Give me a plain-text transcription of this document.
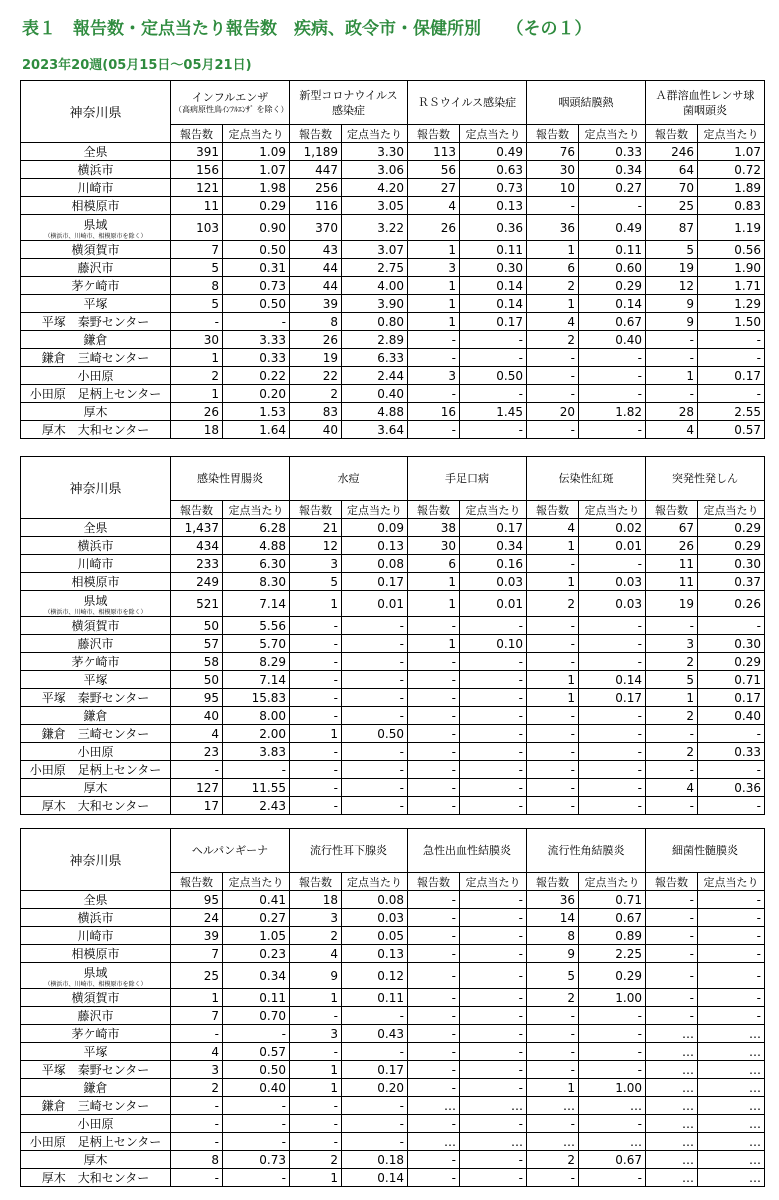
表１　報告数・定点当たり報告数　疾病、政令市・保健所別　　（その１）
2023年20週(05月15日～05月21日)
神奈川県	インフルエンザ
（高病原性鳥ｲﾝﾌﾙｴﾝｻﾞ を除く）		新型コロナウイルス感染症		ＲＳウイルス感染症		咽頭結膜熱		Ａ群溶血性レンサ球菌咽頭炎	
	報告数	定点当たり	報告数	定点当たり	報告数	定点当たり	報告数	定点当たり	報告数	定点当たり
全県	391	1.09	1,189	3.30	113	0.49	76	0.33	246	1.07
横浜市	156	1.07	447	3.06	56	0.63	30	0.34	64	0.72
川崎市	121	1.98	256	4.20	27	0.73	10	0.27	70	1.89
相模原市	11	0.29	116	3.05	4	0.13	-	-	25	0.83
県域
（横浜市、川崎市、相模原市を除く）	103	0.90	370	3.22	26	0.36	36	0.49	87	1.19
横須賀市	7	0.50	43	3.07	1	0.11	1	0.11	5	0.56
藤沢市	5	0.31	44	2.75	3	0.30	6	0.60	19	1.90
茅ケ崎市	8	0.73	44	4.00	1	0.14	2	0.29	12	1.71
平塚	5	0.50	39	3.90	1	0.14	1	0.14	9	1.29
平塚　秦野センター	-	-	8	0.80	1	0.17	4	0.67	9	1.50
鎌倉	30	3.33	26	2.89	-	-	2	0.40	-	-
鎌倉　三崎センター	1	0.33	19	6.33	-	-	-	-	-	-
小田原	2	0.22	22	2.44	3	0.50	-	-	1	0.17
小田原　足柄上センター	1	0.20	2	0.40	-	-	-	-	-	-
厚木	26	1.53	83	4.88	16	1.45	20	1.82	28	2.55
厚木　大和センター	18	1.64	40	3.64	-	-	-	-	4	0.57
神奈川県	感染性胃腸炎		水痘		手足口病		伝染性紅斑		突発性発しん	
	報告数	定点当たり	報告数	定点当たり	報告数	定点当たり	報告数	定点当たり	報告数	定点当たり
全県	1,437	6.28	21	0.09	38	0.17	4	0.02	67	0.29
横浜市	434	4.88	12	0.13	30	0.34	1	0.01	26	0.29
川崎市	233	6.30	3	0.08	6	0.16	-	-	11	0.30
相模原市	249	8.30	5	0.17	1	0.03	1	0.03	11	0.37
県域
（横浜市、川崎市、相模原市を除く）	521	7.14	1	0.01	1	0.01	2	0.03	19	0.26
横須賀市	50	5.56	-	-	-	-	-	-	-	-
藤沢市	57	5.70	-	-	1	0.10	-	-	3	0.30
茅ケ崎市	58	8.29	-	-	-	-	-	-	2	0.29
平塚	50	7.14	-	-	-	-	1	0.14	5	0.71
平塚　秦野センター	95	15.83	-	-	-	-	1	0.17	1	0.17
鎌倉	40	8.00	-	-	-	-	-	-	2	0.40
鎌倉　三崎センター	4	2.00	1	0.50	-	-	-	-	-	-
小田原	23	3.83	-	-	-	-	-	-	2	0.33
小田原　足柄上センター	-	-	-	-	-	-	-	-	-	-
厚木	127	11.55	-	-	-	-	-	-	4	0.36
厚木　大和センター	17	2.43	-	-	-	-	-	-	-	-
神奈川県	ヘルパンギーナ		流行性耳下腺炎		急性出血性結膜炎		流行性角結膜炎		細菌性髄膜炎	
	報告数	定点当たり	報告数	定点当たり	報告数	定点当たり	報告数	定点当たり	報告数	定点当たり
全県	95	0.41	18	0.08	-	-	36	0.71	-	-
横浜市	24	0.27	3	0.03	-	-	14	0.67	-	-
川崎市	39	1.05	2	0.05	-	-	8	0.89	-	-
相模原市	7	0.23	4	0.13	-	-	9	2.25	-	-
県域
（横浜市、川崎市、相模原市を除く）	25	0.34	9	0.12	-	-	5	0.29	-	-
横須賀市	1	0.11	1	0.11	-	-	2	1.00	-	-
藤沢市	7	0.70	-	-	-	-	-	-	-	-
茅ケ崎市	-	-	3	0.43	-	-	-	-	…	…
平塚	4	0.57	-	-	-	-	-	-	…	…
平塚　秦野センター	3	0.50	1	0.17	-	-	-	-	…	…
鎌倉	2	0.40	1	0.20	-	-	1	1.00	…	…
鎌倉　三崎センター	-	-	-	-	…	…	…	…	…	…
小田原	-	-	-	-	-	-	-	-	…	…
小田原　足柄上センター	-	-	-	-	…	…	…	…	…	…
厚木	8	0.73	2	0.18	-	-	2	0.67	…	…
厚木　大和センター	-	-	1	0.14	-	-	-	-	…	…
